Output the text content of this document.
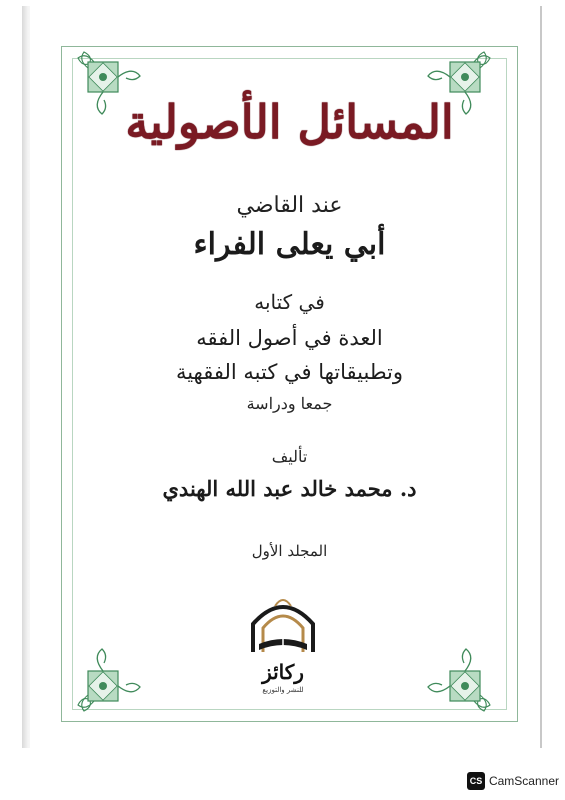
المسائل الأصولية
عند القاضي
أبي يعلى الفراء
في كتابه
العدة في أصول الفقه
وتطبيقاتها في كتبه الفقهية
جمعا ودراسة
تأليف
د. محمد خالد عبد الله الهندي
المجلد الأول
ركائز
للنشر والتوزيع
CS CamScanner
